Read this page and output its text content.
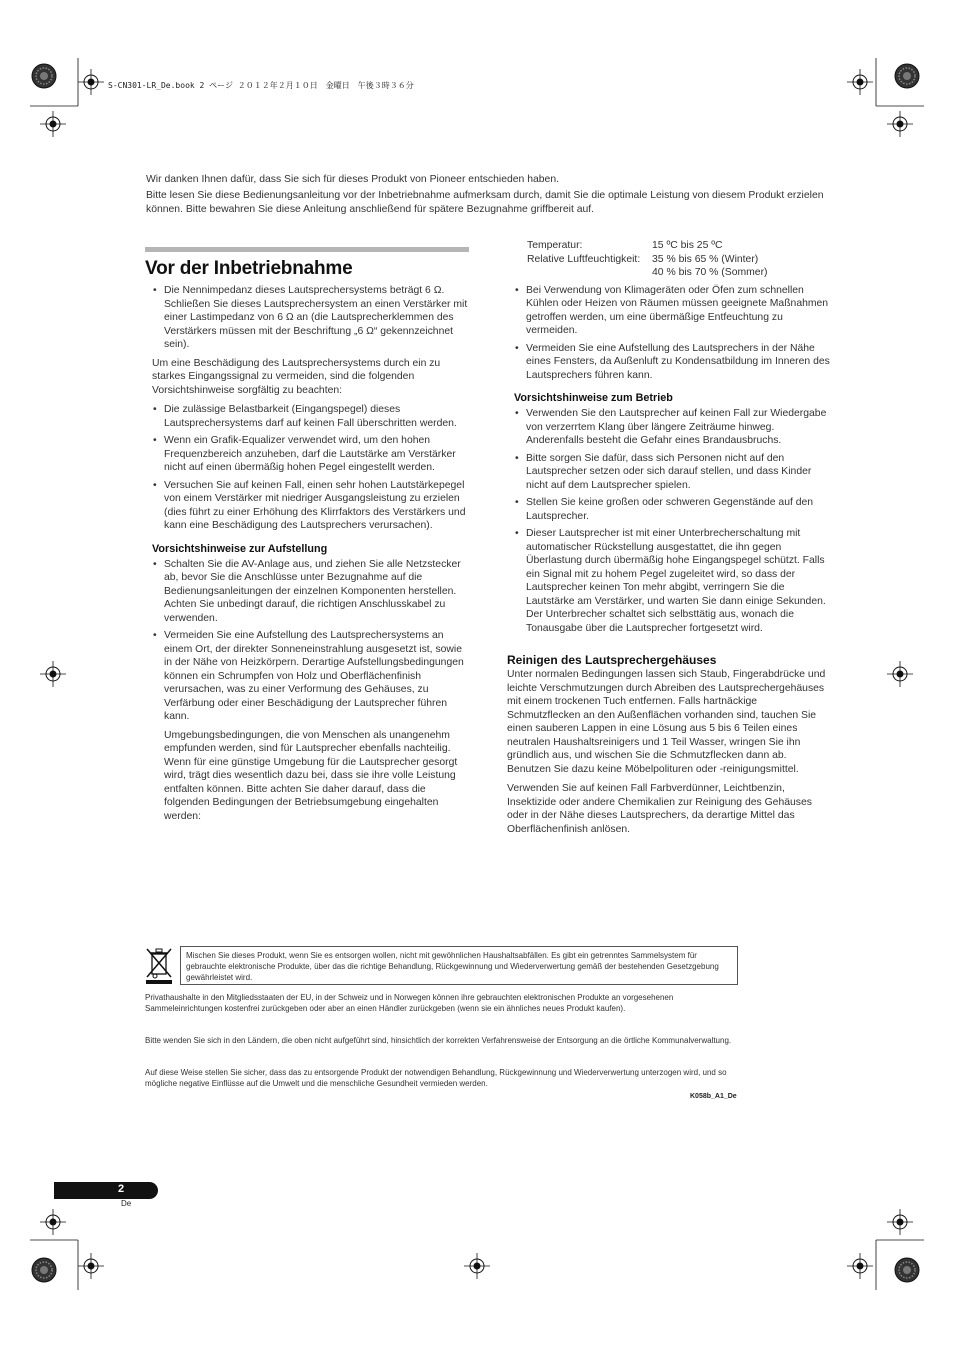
S-CN301-LR_De.book 2 ページ ２０１２年２月１０日　金曜日　午後３時３６分

Wir danken Ihnen dafür, dass Sie sich für dieses Produkt von Pioneer entschieden haben.

Bitte lesen Sie diese Bedienungsanleitung vor der Inbetriebnahme aufmerksam durch, damit Sie die optimale Leistung von diesem Produkt erzielen können. Bitte bewahren Sie diese Anleitung anschließend für spätere Bezugnahme griffbereit auf.

Vor der Inbetriebnahme
• Die Nennimpedanz dieses Lautsprechersystems beträgt 6 Ω. Schließen Sie dieses Lautsprechersystem an einen Verstärker mit einer Lastimpedanz von 6 Ω an (die Lautsprecherklemmen des Verstärkers müssen mit der Beschriftung „6 Ω“ gekennzeichnet sein).

Um eine Beschädigung des Lautsprechersystems durch ein zu starkes Eingangssignal zu vermeiden, sind die folgenden Vorsichtshinweise sorgfältig zu beachten:

• Die zulässige Belastbarkeit (Eingangspegel) dieses Lautsprechersystems darf auf keinen Fall überschritten werden.
• Wenn ein Grafik-Equalizer verwendet wird, um den hohen Frequenzbereich anzuheben, darf die Lautstärke am Verstärker nicht auf einen übermäßig hohen Pegel eingestellt werden.
• Versuchen Sie auf keinen Fall, einen sehr hohen Lautstärkepegel von einem Verstärker mit niedriger Ausgangsleistung zu erzielen (dies führt zu einer Erhöhung des Klirrfaktors des Verstärkers und kann eine Beschädigung des Lautsprechers verursachen).
Vorsichtshinweise zur Aufstellung
• Schalten Sie die AV-Anlage aus, und ziehen Sie alle Netzstecker ab, bevor Sie die Anschlüsse unter Bezugnahme auf die Bedienungsanleitungen der einzelnen Komponenten herstellen. Achten Sie unbedingt darauf, die richtigen Anschlusskabel zu verwenden.
• Vermeiden Sie eine Aufstellung des Lautsprechersystems an einem Ort, der direkter Sonneneinstrahlung ausgesetzt ist, sowie in der Nähe von Heizkörpern. Derartige Aufstellungsbedingungen können ein Schrumpfen von Holz und Oberflächenfinish verursachen, was zu einer Verformung des Gehäuses, zu Verfärbung oder einer Beschädigung der Lautsprecher führen kann.

Umgebungsbedingungen, die von Menschen als unangenehm empfunden werden, sind für Lautsprecher ebenfalls nachteilig. Wenn für eine günstige Umgebung für die Lautsprecher gesorgt wird, trägt dies wesentlich dazu bei, dass sie ihre volle Leistung entfalten können. Bitte achten Sie daher darauf, dass die folgenden Bedingungen der Betriebsumgebung eingehalten werden:

Temperatur:	15 ºC bis 25 ºC
Relative Luftfeuchtigkeit:	35 % bis 65 % (Winter)
40 % bis 70 % (Sommer)
• Bei Verwendung von Klimageräten oder Öfen zum schnellen Kühlen oder Heizen von Räumen müssen geeignete Maßnahmen getroffen werden, um eine übermäßige Entfeuchtung zu vermeiden.
• Vermeiden Sie eine Aufstellung des Lautsprechers in der Nähe eines Fensters, da Außenluft zu Kondensatbildung im Inneren des Lautsprechers führen kann.
Vorsichtshinweise zum Betrieb
• Verwenden Sie den Lautsprecher auf keinen Fall zur Wiedergabe von verzerrtem Klang über längere Zeiträume hinweg. Anderenfalls besteht die Gefahr eines Brandausbruchs.
• Bitte sorgen Sie dafür, dass sich Personen nicht auf den Lautsprecher setzen oder sich darauf stellen, und dass Kinder nicht auf dem Lautsprecher spielen.
• Stellen Sie keine großen oder schweren Gegenstände auf den Lautsprecher.
• Dieser Lautsprecher ist mit einer Unterbrecherschaltung mit automatischer Rückstellung ausgestattet, die ihn gegen Überlastung durch übermäßig hohe Eingangspegel schützt. Falls ein Signal mit zu hohem Pegel zugeleitet wird, so dass der Lautsprecher keinen Ton mehr abgibt, verringern Sie die Lautstärke am Verstärker, und warten Sie dann einige Sekunden. Der Unterbrecher schaltet sich selbsttätig aus, wonach die Tonausgabe über die Lautsprecher fortgesetzt wird.
Reinigen des Lautsprechergehäuses

Unter normalen Bedingungen lassen sich Staub, Fingerabdrücke und leichte Verschmutzungen durch Abreiben des Lautsprechergehäuses mit einem trockenen Tuch entfernen. Falls hartnäckige Schmutzflecken an den Außenflächen vorhanden sind, tauchen Sie einen sauberen Lappen in eine Lösung aus 5 bis 6 Teilen eines neutralen Haushaltsreinigers und 1 Teil Wasser, wringen Sie ihn gründlich aus, und wischen Sie die Schmutzflecken dann ab. Benutzen Sie dazu keine Möbelpolituren oder -reinigungsmittel.

Verwenden Sie auf keinen Fall Farbverdünner, Leichtbenzin, Insektizide oder andere Chemikalien zur Reinigung des Gehäuses oder in der Nähe dieses Lautsprechers, da derartige Mittel das Oberflächenfinish anlösen.

Mischen Sie dieses Produkt, wenn Sie es entsorgen wollen, nicht mit gewöhnlichen Haushaltsabfällen. Es gibt ein getrenntes Sammelsystem für gebrauchte elektronische Produkte, über das die richtige Behandlung, Rückgewinnung und Wiederverwertung gemäß der bestehenden Gesetzgebung gewährleistet wird.

Privathaushalte in den Mitgliedsstaaten der EU, in der Schweiz und in Norwegen können ihre gebrauchten elektronischen Produkte an vorgesehenen Sammeleinrichtungen kostenfrei zurückgeben oder aber an einen Händler zurückgeben (wenn sie ein ähnliches neues Produkt kaufen).

Bitte wenden Sie sich in den Ländern, die oben nicht aufgeführt sind, hinsichtlich der korrekten Verfahrensweise der Entsorgung an die örtliche Kommunalverwaltung.

Auf diese Weise stellen Sie sicher, dass das zu entsorgende Produkt der notwendigen Behandlung, Rückgewinnung und Wiederverwertung unterzogen wird, und so mögliche negative Einflüsse auf die Umwelt und die menschliche Gesundheit vermieden werden.

K058b_A1_De
2
De
